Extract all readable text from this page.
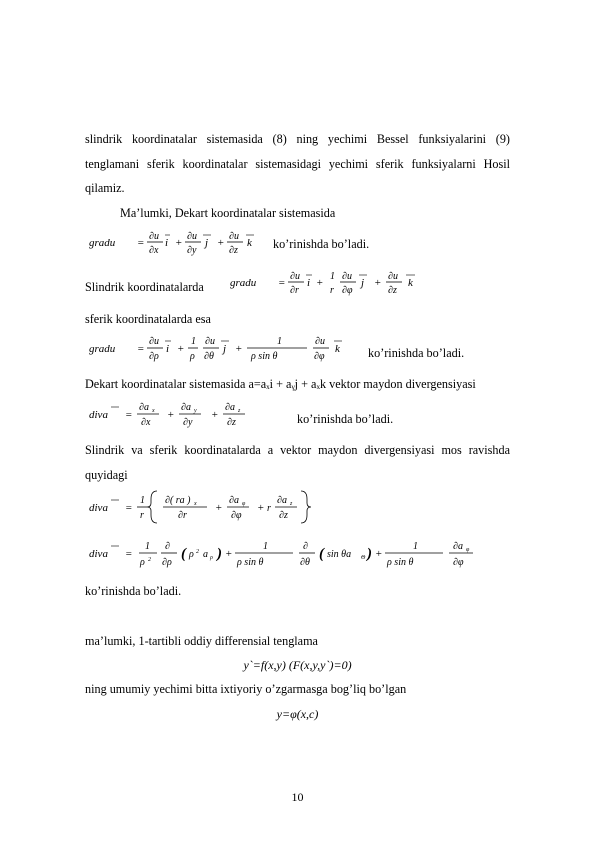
slindrik koordinatalar sistemasida (8) ning yechimi Bessel funksiyalarini (9)
tenglamani sferik koordinatalar sistemasidagi yechimi sferik funksiyalarni Hosil
qilamiz.
Ma’lumki, Dekart koordinatalar sistemasida
gradu =
∂u
∂x
i +
∂u
∂y
j +
∂u
∂z
k ko’rinishda bo’ladi.
Slindrik koordinatalarda gradu =
∂u
∂r
i +
1
r
∂u
∂φ
j +
∂u
∂z
k
sferik koordinatalarda esa
gradu =
∂u
∂ρ
i +
1
ρ
∂u
∂θ
j +
1
ρ sin θ
∂u
∂φ
k ko’rinishda bo’ladi.
Dekart koordinatalar sistemasida a=aₓi + aᵧj + aₓk vektor maydon divergensiyasi
diva =
∂a x
∂x
+
∂a y
∂y
+
∂a z
∂z	ko’rinishda bo’ladi.
Slindrik va sferik koordinatalarda a vektor maydon divergensiyasi mos ravishda
quyidagi
diva =
1
r
∂( ra ) x
∂r
+
∂a φ
∂φ
+ r
∂a z
∂z
diva =
1
ρ 2
∂
∂ρ
( ρ 2 a ρ ) +
1
ρ sin θ
∂
∂θ
( sin θa Θ ) +
1
ρ sin θ
∂a φ
∂φ
ko’rinishda bo’ladi.
ma’lumki, 1-tartibli oddiy differensial tenglama
y`=f(x,y) (F(x,y,y`)=0)
ning umumiy yechimi bitta ixtiyoriy o’zgarmasga bog’liq bo’lgan
y=φ(x,c)
10
